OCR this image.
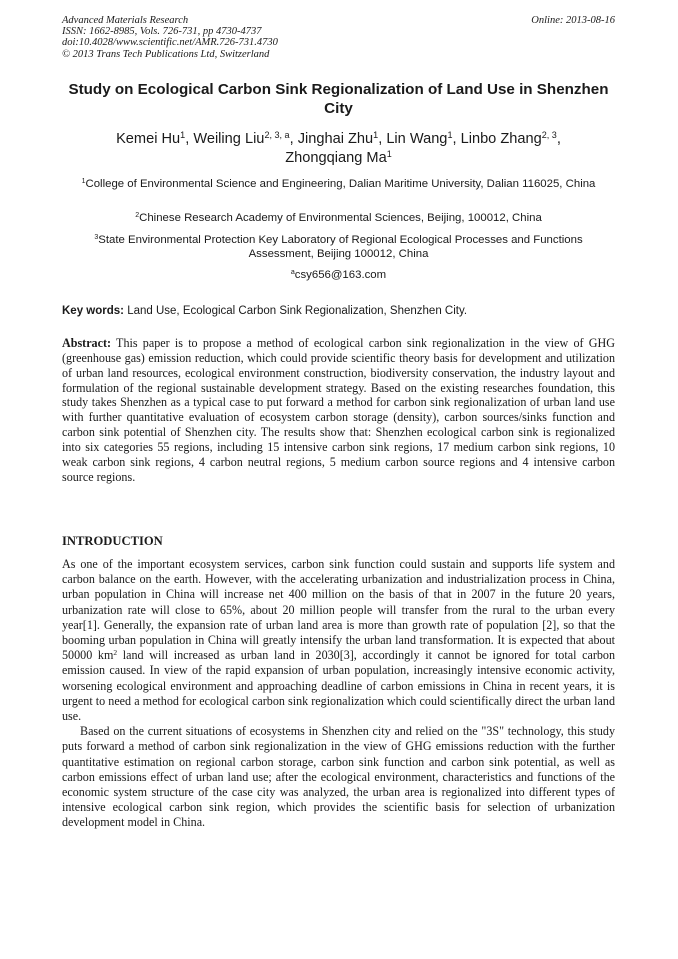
Advanced Materials Research
ISSN: 1662-8985, Vols. 726-731, pp 4730-4737
doi:10.4028/www.scientific.net/AMR.726-731.4730
© 2013 Trans Tech Publications Ltd, Switzerland
Online: 2013-08-16
Study on Ecological Carbon Sink Regionalization of Land Use in Shenzhen City
Kemei Hu$^1$, Weiling Liu$^{2, 3, a}$, Jinghai Zhu$^1$, Lin Wang$^1$, Linbo Zhang$^{2, 3}$,
Zhongqiang Ma$^1$
$^1$College of Environmental Science and Engineering, Dalian Maritime University, Dalian 116025, China
$^2$Chinese Research Academy of Environmental Sciences, Beijing, 100012, China
$^3$State Environmental Protection Key Laboratory of Regional Ecological Processes and Functions Assessment, Beijing 100012, China
$^a$csy656@163.com
Key words: Land Use, Ecological Carbon Sink Regionalization, Shenzhen City.
Abstract: This paper is to propose a method of ecological carbon sink regionalization in the view of GHG (greenhouse gas) emission reduction, which could provide scientific theory basis for development and utilization of urban land resources, ecological environment construction, biodiversity conservation, the industry layout and formulation of the regional sustainable development strategy. Based on the existing researches foundation, this study takes Shenzhen as a typical case to put forward a method for carbon sink regionalization of urban land use with further quantitative evaluation of ecosystem carbon storage (density), carbon sources/sinks function and carbon sink potential of Shenzhen city. The results show that: Shenzhen ecological carbon sink is regionalized into six categories 55 regions, including 15 intensive carbon sink regions, 17 medium carbon sink regions, 10 weak carbon sink regions, 4 carbon neutral regions, 5 medium carbon source regions and 4 intensive carbon source regions.
INTRODUCTION

As one of the important ecosystem services, carbon sink function could sustain and supports life system and carbon balance on the earth. However, with the accelerating urbanization and industrialization process in China, urban population in China will increase net 400 million on the basis of that in 2007 in the future 20 years, urbanization rate will close to 65%, about 20 million people will transfer from the rural to the urban every year[1]. Generally, the expansion rate of urban land area is more than growth rate of population [2], so that the booming urban population in China will greatly intensify the urban land transformation. It is expected that about 50000 $km^2$ land will increased as urban land in 2030[3], accordingly it cannot be ignored for total carbon emission caused. In view of the rapid expansion of urban population, increasingly intensive economic activity, worsening ecological environment and approaching deadline of carbon emissions in China in recent years, it is urgent to need a method for ecological carbon sink regionalization which could scientifically direct the urban land use.

Based on the current situations of ecosystems in Shenzhen city and relied on the "3S" technology, this study puts forward a method of carbon sink regionalization in the view of GHG emissions reduction with the further quantitative estimation on regional carbon storage, carbon sink function and carbon sink potential, as well as carbon emissions effect of urban land use; after the ecological environment, characteristics and functions of the economic system structure of the case city was analyzed, the urban area is regionalized into different types of intensive ecological carbon sink region, which provides the scientific basis for selection of urbanization development model in China.
